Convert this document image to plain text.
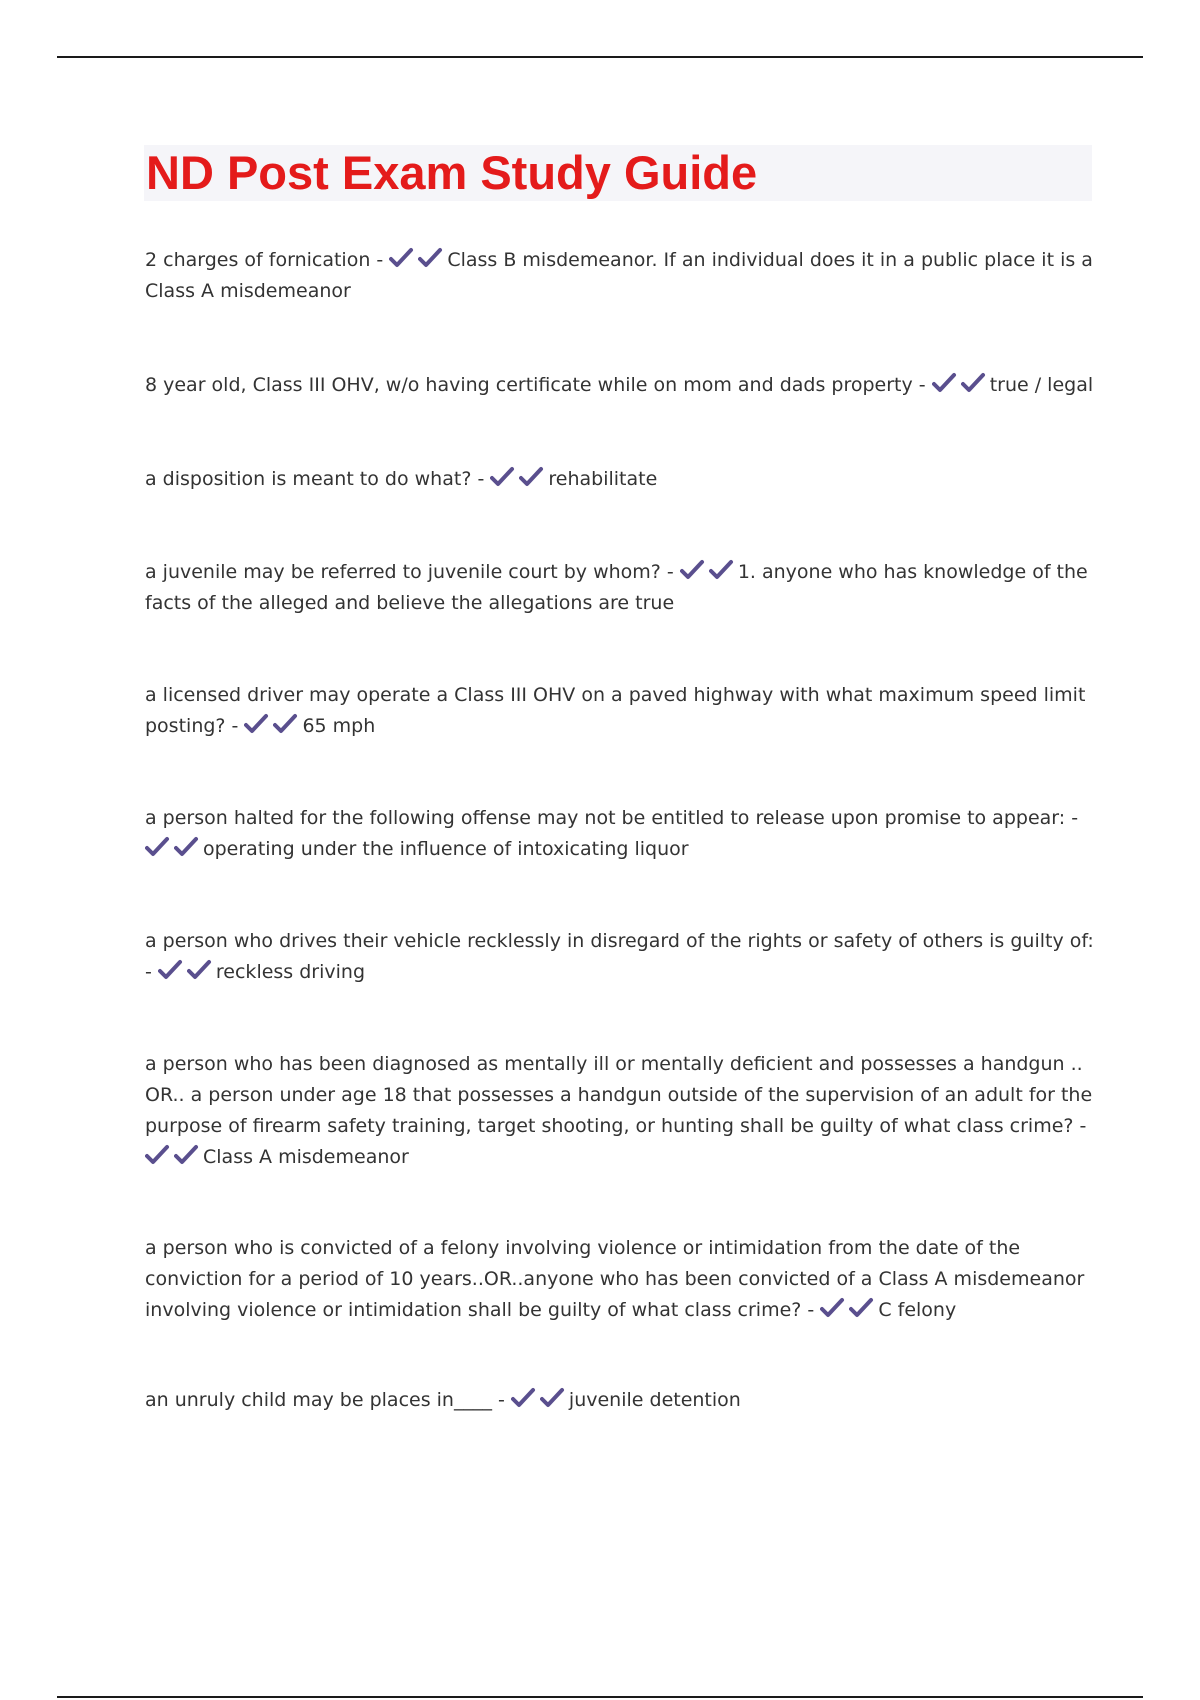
ND Post Exam Study Guide

2 charges of fornication -	Class B misdemeanor. If an individual does it in a public place it is a Class A misdemeanor

8 year old, Class III OHV, w/o having certificate while on mom and dads property -	true / legal

a disposition is meant to do what? -	rehabilitate

a juvenile may be referred to juvenile court by whom? -	1. anyone who has knowledge of the facts of the alleged and believe the allegations are true

a licensed driver may operate a Class III OHV on a paved highway with what maximum speed limit posting? -	65 mph

a person halted for the following offense may not be entitled to release upon promise to appear: -
operating under the influence of intoxicating liquor

a person who drives their vehicle recklessly in disregard of the rights or safety of others is guilty of: -	reckless driving

a person who has been diagnosed as mentally ill or mentally deficient and possesses a handgun .. OR.. a person under age 18 that possesses a handgun outside of the supervision of an adult for the purpose of firearm safety training, target shooting, or hunting shall be guilty of what class crime? -
Class A misdemeanor

a person who is convicted of a felony involving violence or intimidation from the date of the conviction for a period of 10 years..OR..anyone who has been convicted of a Class A misdemeanor involving violence or intimidation shall be guilty of what class crime? -	C felony

an unruly child may be places in____ -	juvenile detention
